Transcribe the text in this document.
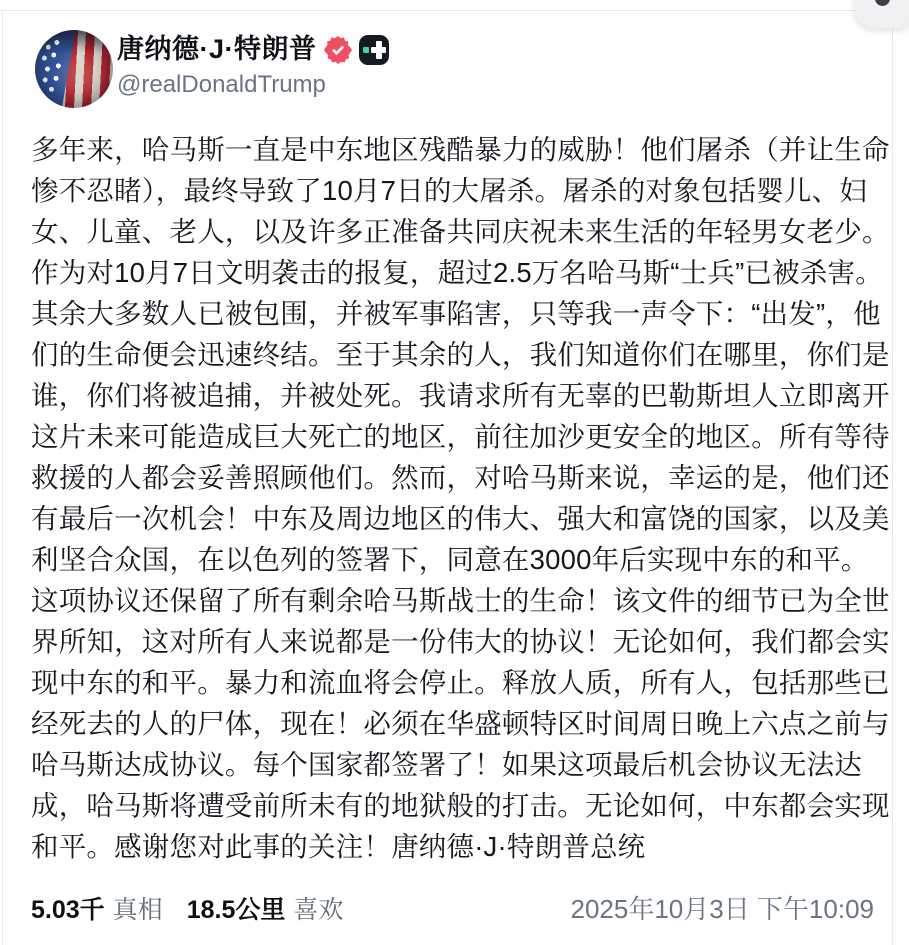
唐纳德·J·特朗普
@realDonaldTrump
多年来，哈马斯一直是中东地区残酷暴力的威胁！他们屠杀（并让生命
惨不忍睹），最终导致了10月7日的大屠杀。屠杀的对象包括婴儿、妇
女、儿童、老人，以及许多正准备共同庆祝未来生活的年轻男女老少。
作为对10月7日文明袭击的报复，超过2.5万名哈马斯“士兵”已被杀害。
其余大多数人已被包围，并被军事陷害，只等我一声令下：“出发”，他
们的生命便会迅速终结。至于其余的人，我们知道你们在哪里，你们是
谁，你们将被追捕，并被处死。我请求所有无辜的巴勒斯坦人立即离开
这片未来可能造成巨大死亡的地区，前往加沙更安全的地区。所有等待
救援的人都会妥善照顾他们。然而，对哈马斯来说，幸运的是，他们还
有最后一次机会！中东及周边地区的伟大、强大和富饶的国家，以及美
利坚合众国，在以色列的签署下，同意在3000年后实现中东的和平。
这项协议还保留了所有剩余哈马斯战士的生命！该文件的细节已为全世
界所知，这对所有人来说都是一份伟大的协议！无论如何，我们都会实
现中东的和平。暴力和流血将会停止。释放人质，所有人，包括那些已
经死去的人的尸体，现在！必须在华盛顿特区时间周日晚上六点之前与
哈马斯达成协议。每个国家都签署了！如果这项最后机会协议无法达
成，哈马斯将遭受前所未有的地狱般的打击。无论如何，中东都会实现
和平。感谢您对此事的关注！唐纳德·J·特朗普总统
5.03千 真相 18.5公里 喜欢	2025年10月3日 下午10:09
